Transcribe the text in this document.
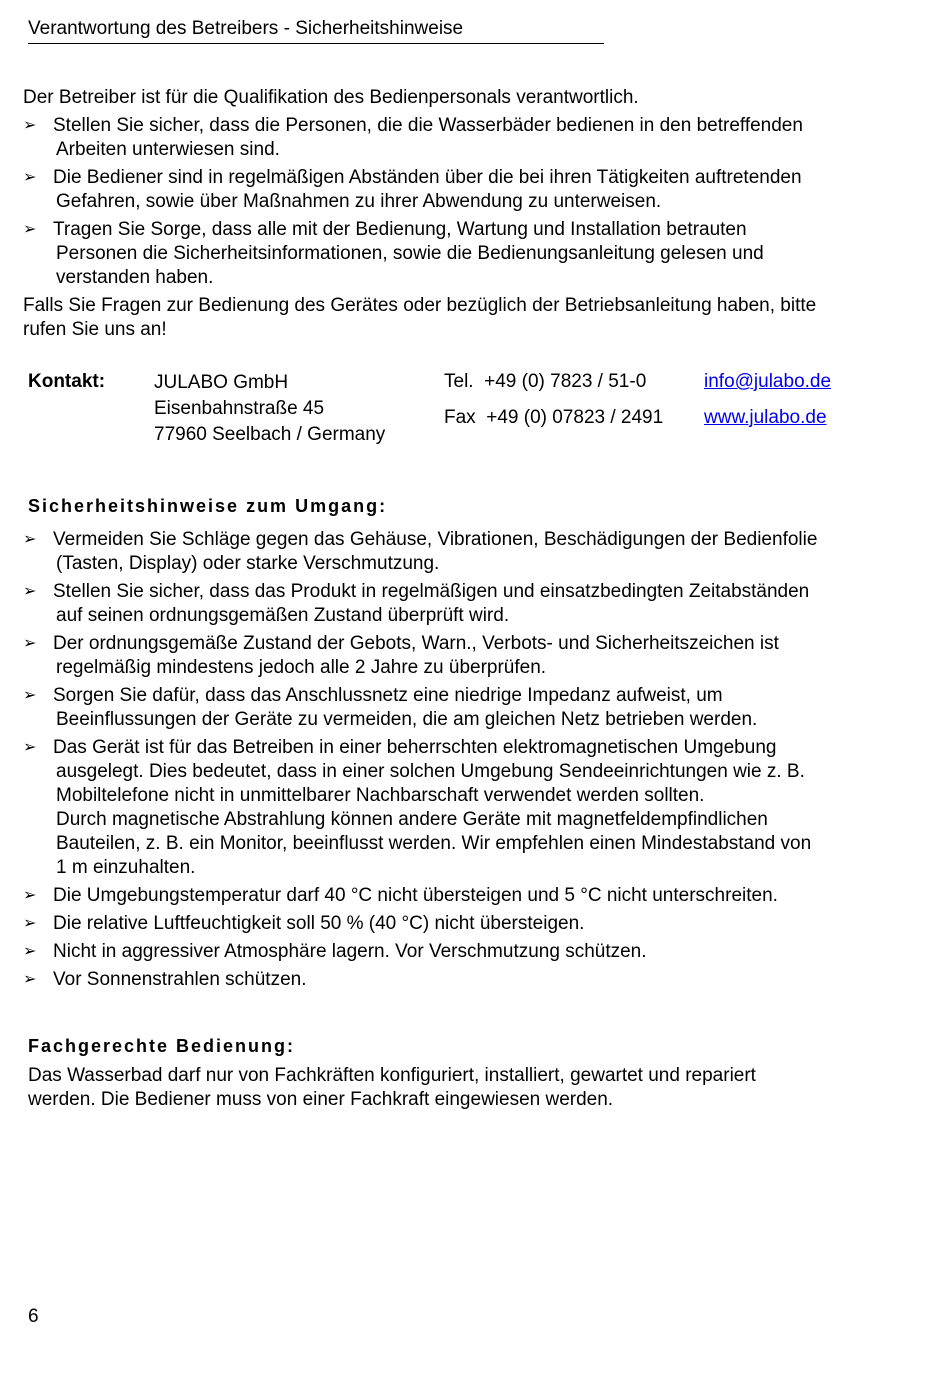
Verantwortung des Betreibers - Sicherheitshinweise

Der Betreiber ist für die Qualifikation des Bedienpersonals verantwortlich.

➢ Stellen Sie sicher, dass die Personen, die die Wasserbäder bedienen in den betreffenden
Arbeiten unterwiesen sind.
➢ Die Bediener sind in regelmäßigen Abständen über die bei ihren Tätigkeiten auftretenden
Gefahren, sowie über Maßnahmen zu ihrer Abwendung zu unterweisen.
➢ Tragen Sie Sorge, dass alle mit der Bedienung, Wartung und Installation betrauten
Personen die Sicherheitsinformationen, sowie die Bedienungsanleitung gelesen und
verstanden haben.

Falls Sie Fragen zur Bedienung des Gerätes oder bezüglich der Betriebsanleitung haben, bitte
rufen Sie uns an!

Kontakt:	JULABO GmbH
Eisenbahnstraße 45
77960 Seelbach / Germany
Tel.  +49 (0) 7823 / 51-0
Fax  +49 (0) 07823 / 2491
info@julabo.de
www.julabo.de
Sicherheitshinweise zum Umgang:
➢ Vermeiden Sie Schläge gegen das Gehäuse, Vibrationen, Beschädigungen der Bedienfolie
(Tasten, Display) oder starke Verschmutzung.
➢ Stellen Sie sicher, dass das Produkt in regelmäßigen und einsatzbedingten Zeitabständen
auf seinen ordnungsgemäßen Zustand überprüft wird.
➢ Der ordnungsgemäße Zustand der Gebots, Warn., Verbots- und Sicherheitszeichen ist
regelmäßig mindestens jedoch alle 2 Jahre zu überprüfen.
➢ Sorgen Sie dafür, dass das Anschlussnetz eine niedrige Impedanz aufweist, um
Beeinflussungen der Geräte zu vermeiden, die am gleichen Netz betrieben werden.
➢ Das Gerät ist für das Betreiben in einer beherrschten elektromagnetischen Umgebung
ausgelegt. Dies bedeutet, dass in einer solchen Umgebung Sendeeinrichtungen wie z. B.
Mobiltelefone nicht in unmittelbarer Nachbarschaft verwendet werden sollten.
Durch magnetische Abstrahlung können andere Geräte mit magnetfeldempfindlichen
Bauteilen, z. B. ein Monitor, beeinflusst werden. Wir empfehlen einen Mindestabstand von
1 m einzuhalten.
➢ Die Umgebungstemperatur darf 40 °C nicht übersteigen und 5 °C nicht unterschreiten.
➢ Die relative Luftfeuchtigkeit soll 50 % (40 °C) nicht übersteigen.
➢ Nicht in aggressiver Atmosphäre lagern. Vor Verschmutzung schützen.
➢ Vor Sonnenstrahlen schützen.
Fachgerechte Bedienung:
Das Wasserbad darf nur von Fachkräften konfiguriert, installiert, gewartet und repariert
werden. Die Bediener muss von einer Fachkraft eingewiesen werden.
6
